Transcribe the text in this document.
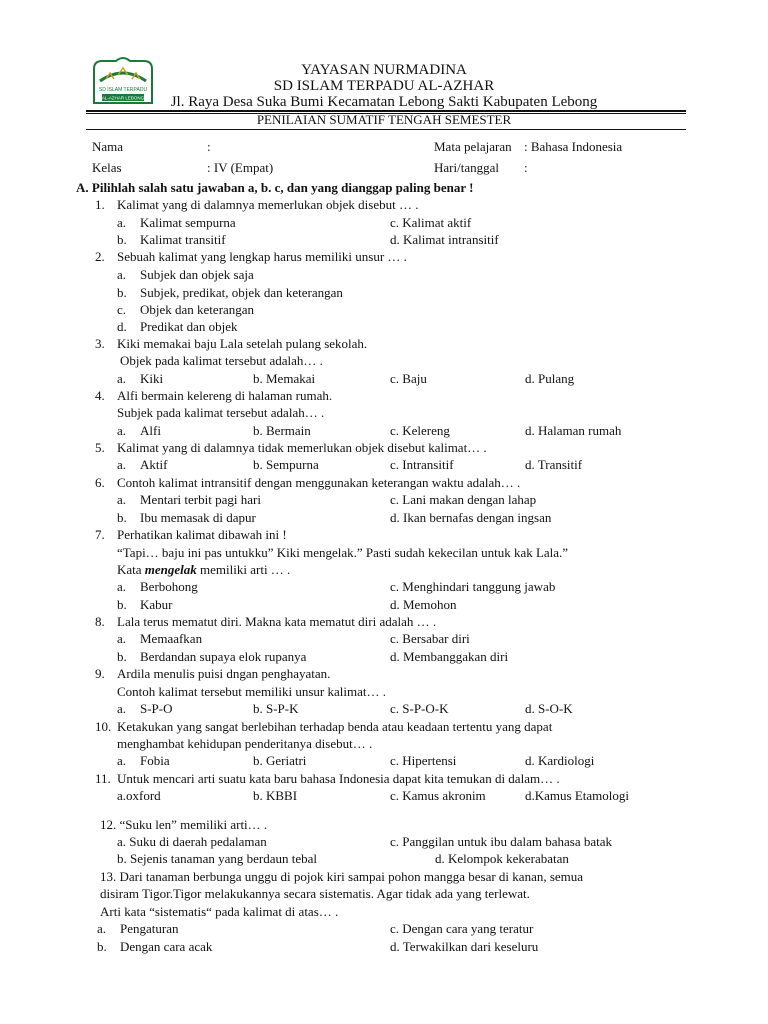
YAYASAN NURMADINA
SD ISLAM TERPADU AL-AZHAR
Jl. Raya Desa Suka Bumi Kecamatan Lebong Sakti Kabupaten Lebong
SD ISLAM TERPADU
AL-AZHAR LEBONG
PENILAIAN SUMATIF TENGAH SEMESTER
Nama	:
Kelas	: IV (Empat)
Mata pelajaran : Bahasa Indonesia
Hari/tanggal :
A. Pilihlah salah satu jawaban a, b. c, dan yang dianggap paling benar !
1. Kalimat yang di dalamnya memerlukan objek disebut … .
a. Kalimat sempurna	c. Kalimat aktif
b. Kalimat transitif	d. Kalimat intransitif
2. Sebuah kalimat yang lengkap harus memiliki unsur … .
a. Subjek dan objek saja
b. Subjek, predikat, objek dan keterangan
c. Objek dan keterangan
d. Predikat dan objek
3. Kiki memakai baju Lala setelah pulang sekolah.
Objek pada kalimat tersebut adalah… .
a. Kiki	b. Memakai	c. Baju	d. Pulang
4. Alfi bermain kelereng di halaman rumah.
Subjek pada kalimat tersebut adalah… .
a. Alfi	b. Bermain	c. Kelereng	d. Halaman rumah
5. Kalimat yang di dalamnya tidak memerlukan objek disebut kalimat… .
a. Aktif	b. Sempurna	c. Intransitif	d. Transitif
6. Contoh kalimat intransitif dengan menggunakan keterangan waktu adalah… .
a. Mentari terbit pagi hari	c. Lani makan dengan lahap
b. Ibu memasak di dapur	d. Ikan bernafas dengan ingsan
7. Perhatikan kalimat dibawah ini !
“Tapi… baju ini pas untukku” Kiki mengelak.” Pasti sudah kekecilan untuk kak Lala.”
a. Berbohong	c. Menghindari tanggung jawab
b. Kabur	d. Memohon
8. Lala terus mematut diri. Makna kata mematut diri adalah … .
a. Memaafkan	c. Bersabar diri
b. Berdandan supaya elok rupanya	d. Membanggakan diri
9. Ardila menulis puisi dngan penghayatan.
Contoh kalimat tersebut memiliki unsur kalimat… .
a. S-P-O	b. S-P-K	c. S-P-O-K	d. S-O-K
10. Ketakukan yang sangat berlebihan terhadap benda atau keadaan tertentu yang dapat
menghambat kehidupan penderitanya disebut… .
a. Fobia	b. Geriatri	c. Hipertensi	d. Kardiologi
11. Untuk mencari arti suatu kata baru bahasa Indonesia dapat kita temukan di dalam… .
a.oxford	b. KBBI	c. Kamus akronim	d.Kamus Etamologi
12. “Suku len” memiliki arti… .
a. Suku di daerah pedalaman	c. Panggilan untuk ibu dalam bahasa batak
b. Sejenis tanaman yang berdaun tebal	d. Kelompok kekerabatan
13. Dari tanaman berbunga unggu di pojok kiri sampai pohon mangga besar di kanan, semua
disiram Tigor.Tigor melakukannya secara sistematis. Agar tidak ada yang terlewat.
Arti kata “sistematis“ pada kalimat di atas… .
a. Pengaturan	c. Dengan cara yang teratur
b. Dengan cara acak	d. Terwakilkan dari keseluru
Kata mengelak memiliki arti … .
